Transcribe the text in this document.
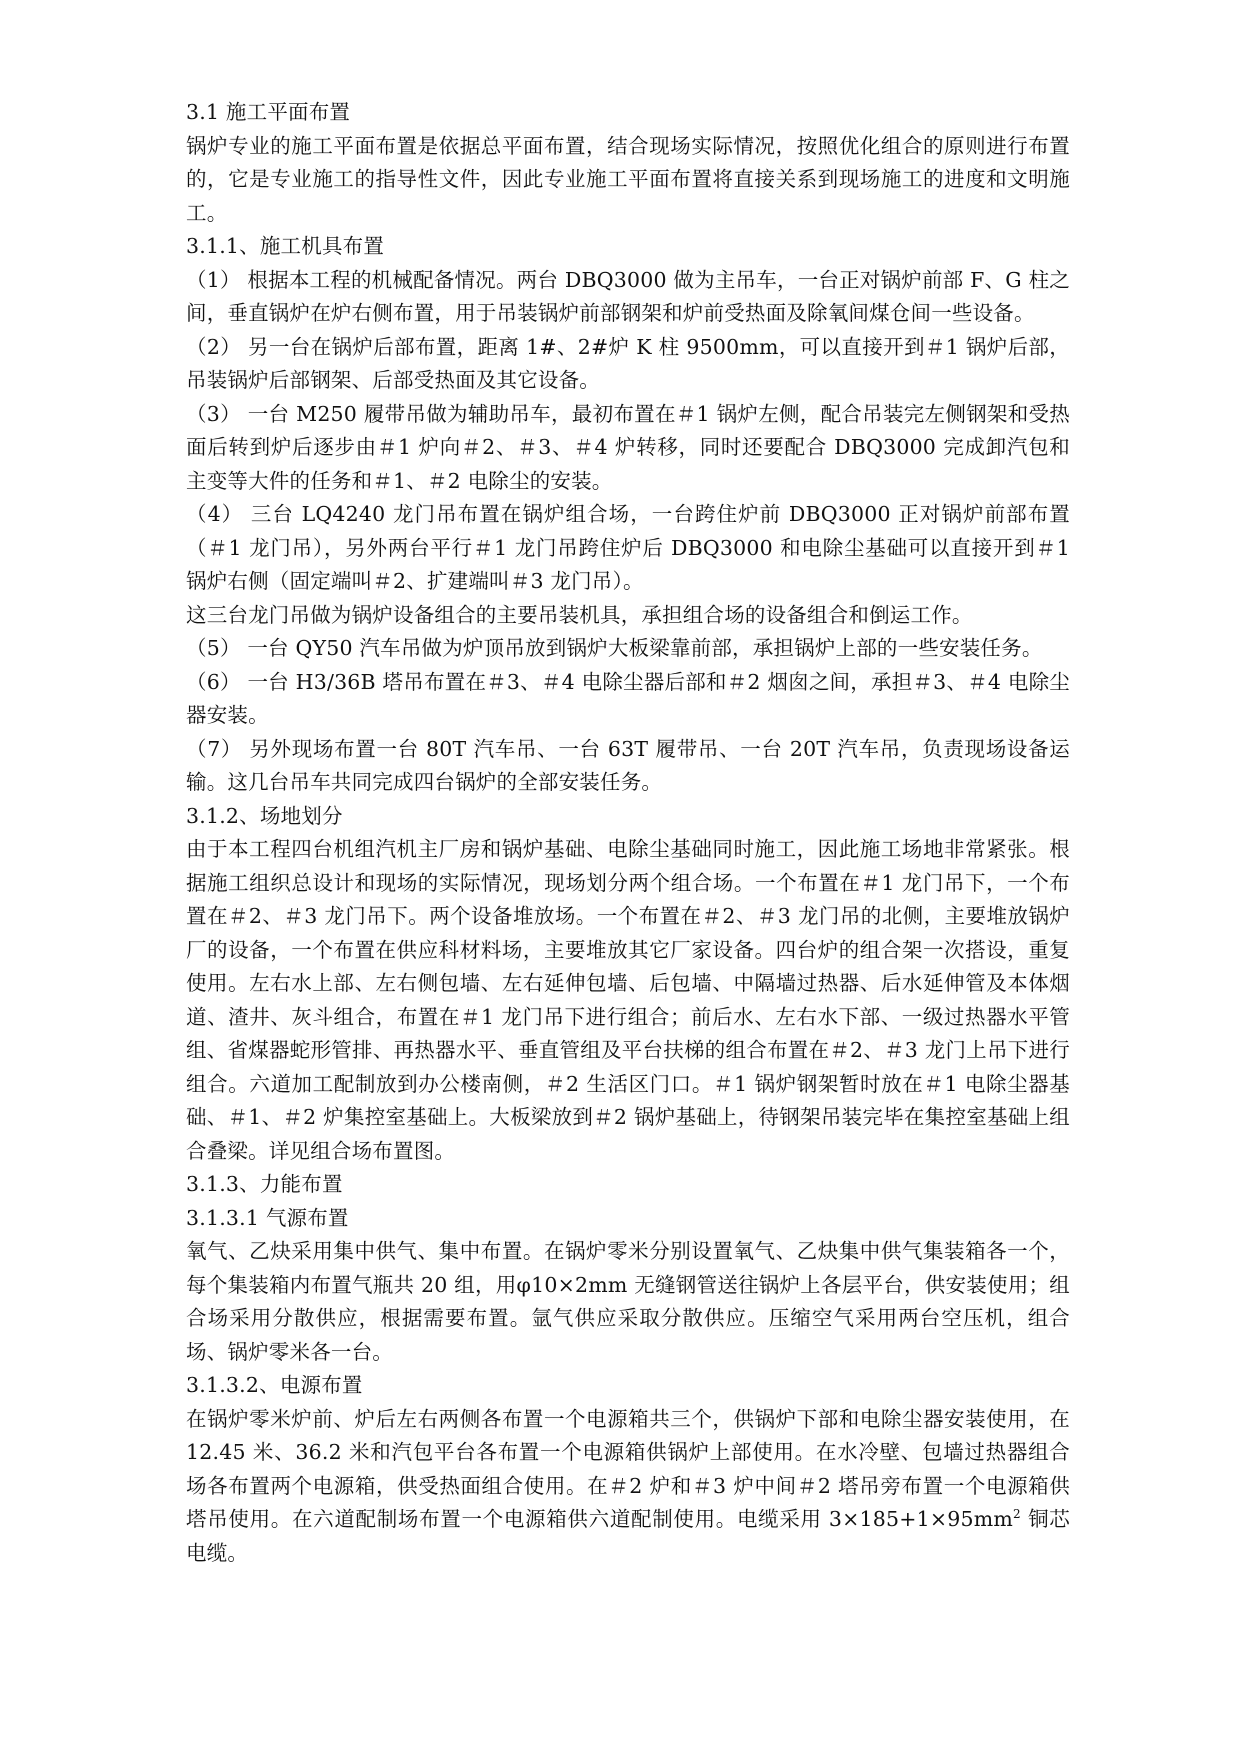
3.1 施工平面布置

锅炉专业的施工平面布置是依据总平面布置，结合现场实际情况，按照优化组合的原则进行布置的，它是专业施工的指导性文件，因此专业施工平面布置将直接关系到现场施工的进度和文明施工。

3.1.1、施工机具布置

（1） 根据本工程的机械配备情况。两台 DBQ3000 做为主吊车，一台正对锅炉前部 F、G 柱之间，垂直锅炉在炉右侧布置，用于吊装锅炉前部钢架和炉前受热面及除氧间煤仓间一些设备。

（2） 另一台在锅炉后部布置，距离 1#、2#炉 K 柱 9500mm，可以直接开到＃1 锅炉后部，吊装锅炉后部钢架、后部受热面及其它设备。

（3） 一台 M250 履带吊做为辅助吊车，最初布置在＃1 锅炉左侧，配合吊装完左侧钢架和受热面后转到炉后逐步由＃1 炉向＃2、＃3、＃4 炉转移，同时还要配合 DBQ3000 完成卸汽包和主变等大件的任务和＃1、＃2 电除尘的安装。

（4） 三台 LQ4240 龙门吊布置在锅炉组合场，一台跨住炉前 DBQ3000 正对锅炉前部布置（＃1 龙门吊），另外两台平行＃1 龙门吊跨住炉后 DBQ3000 和电除尘基础可以直接开到＃1 锅炉右侧（固定端叫＃2、扩建端叫＃3 龙门吊）。

这三台龙门吊做为锅炉设备组合的主要吊装机具，承担组合场的设备组合和倒运工作。

（5） 一台 QY50 汽车吊做为炉顶吊放到锅炉大板梁靠前部，承担锅炉上部的一些安装任务。

（6） 一台 H3/36B 塔吊布置在＃3、＃4 电除尘器后部和＃2 烟囱之间，承担＃3、＃4 电除尘器安装。

（7） 另外现场布置一台 80T 汽车吊、一台 63T 履带吊、一台 20T 汽车吊，负责现场设备运输。这几台吊车共同完成四台锅炉的全部安装任务。

3.1.2、场地划分

由于本工程四台机组汽机主厂房和锅炉基础、电除尘基础同时施工，因此施工场地非常紧张。根据施工组织总设计和现场的实际情况，现场划分两个组合场。一个布置在＃1 龙门吊下，一个布置在＃2、＃3 龙门吊下。两个设备堆放场。一个布置在＃2、＃3 龙门吊的北侧，主要堆放锅炉厂的设备，一个布置在供应科材料场，主要堆放其它厂家设备。四台炉的组合架一次搭设，重复使用。左右水上部、左右侧包墙、左右延伸包墙、后包墙、中隔墙过热器、后水延伸管及本体烟道、渣井、灰斗组合，布置在＃1 龙门吊下进行组合；前后水、左右水下部、一级过热器水平管组、省煤器蛇形管排、再热器水平、垂直管组及平台扶梯的组合布置在＃2、＃3 龙门上吊下进行组合。六道加工配制放到办公楼南侧，＃2 生活区门口。＃1 锅炉钢架暂时放在＃1 电除尘器基础、＃1、＃2 炉集控室基础上。大板梁放到＃2 锅炉基础上，待钢架吊装完毕在集控室基础上组合叠梁。详见组合场布置图。

3.1.3、力能布置

3.1.3.1 气源布置

氧气、乙炔采用集中供气、集中布置。在锅炉零米分别设置氧气、乙炔集中供气集装箱各一个，每个集装箱内布置气瓶共 20 组，用φ10×2mm 无缝钢管送往锅炉上各层平台，供安装使用；组合场采用分散供应，根据需要布置。氩气供应采取分散供应。压缩空气采用两台空压机，组合场、锅炉零米各一台。

3.1.3.2、电源布置

在锅炉零米炉前、炉后左右两侧各布置一个电源箱共三个，供锅炉下部和电除尘器安装使用，在 12.45 米、36.2 米和汽包平台各布置一个电源箱供锅炉上部使用。在水冷壁、包墙过热器组合场各布置两个电源箱，供受热面组合使用。在＃2 炉和＃3 炉中间＃2 塔吊旁布置一个电源箱供塔吊使用。在六道配制场布置一个电源箱供六道配制使用。电缆采用 $3\times 185+1\times 95mm^2$ 铜芯电缆。
